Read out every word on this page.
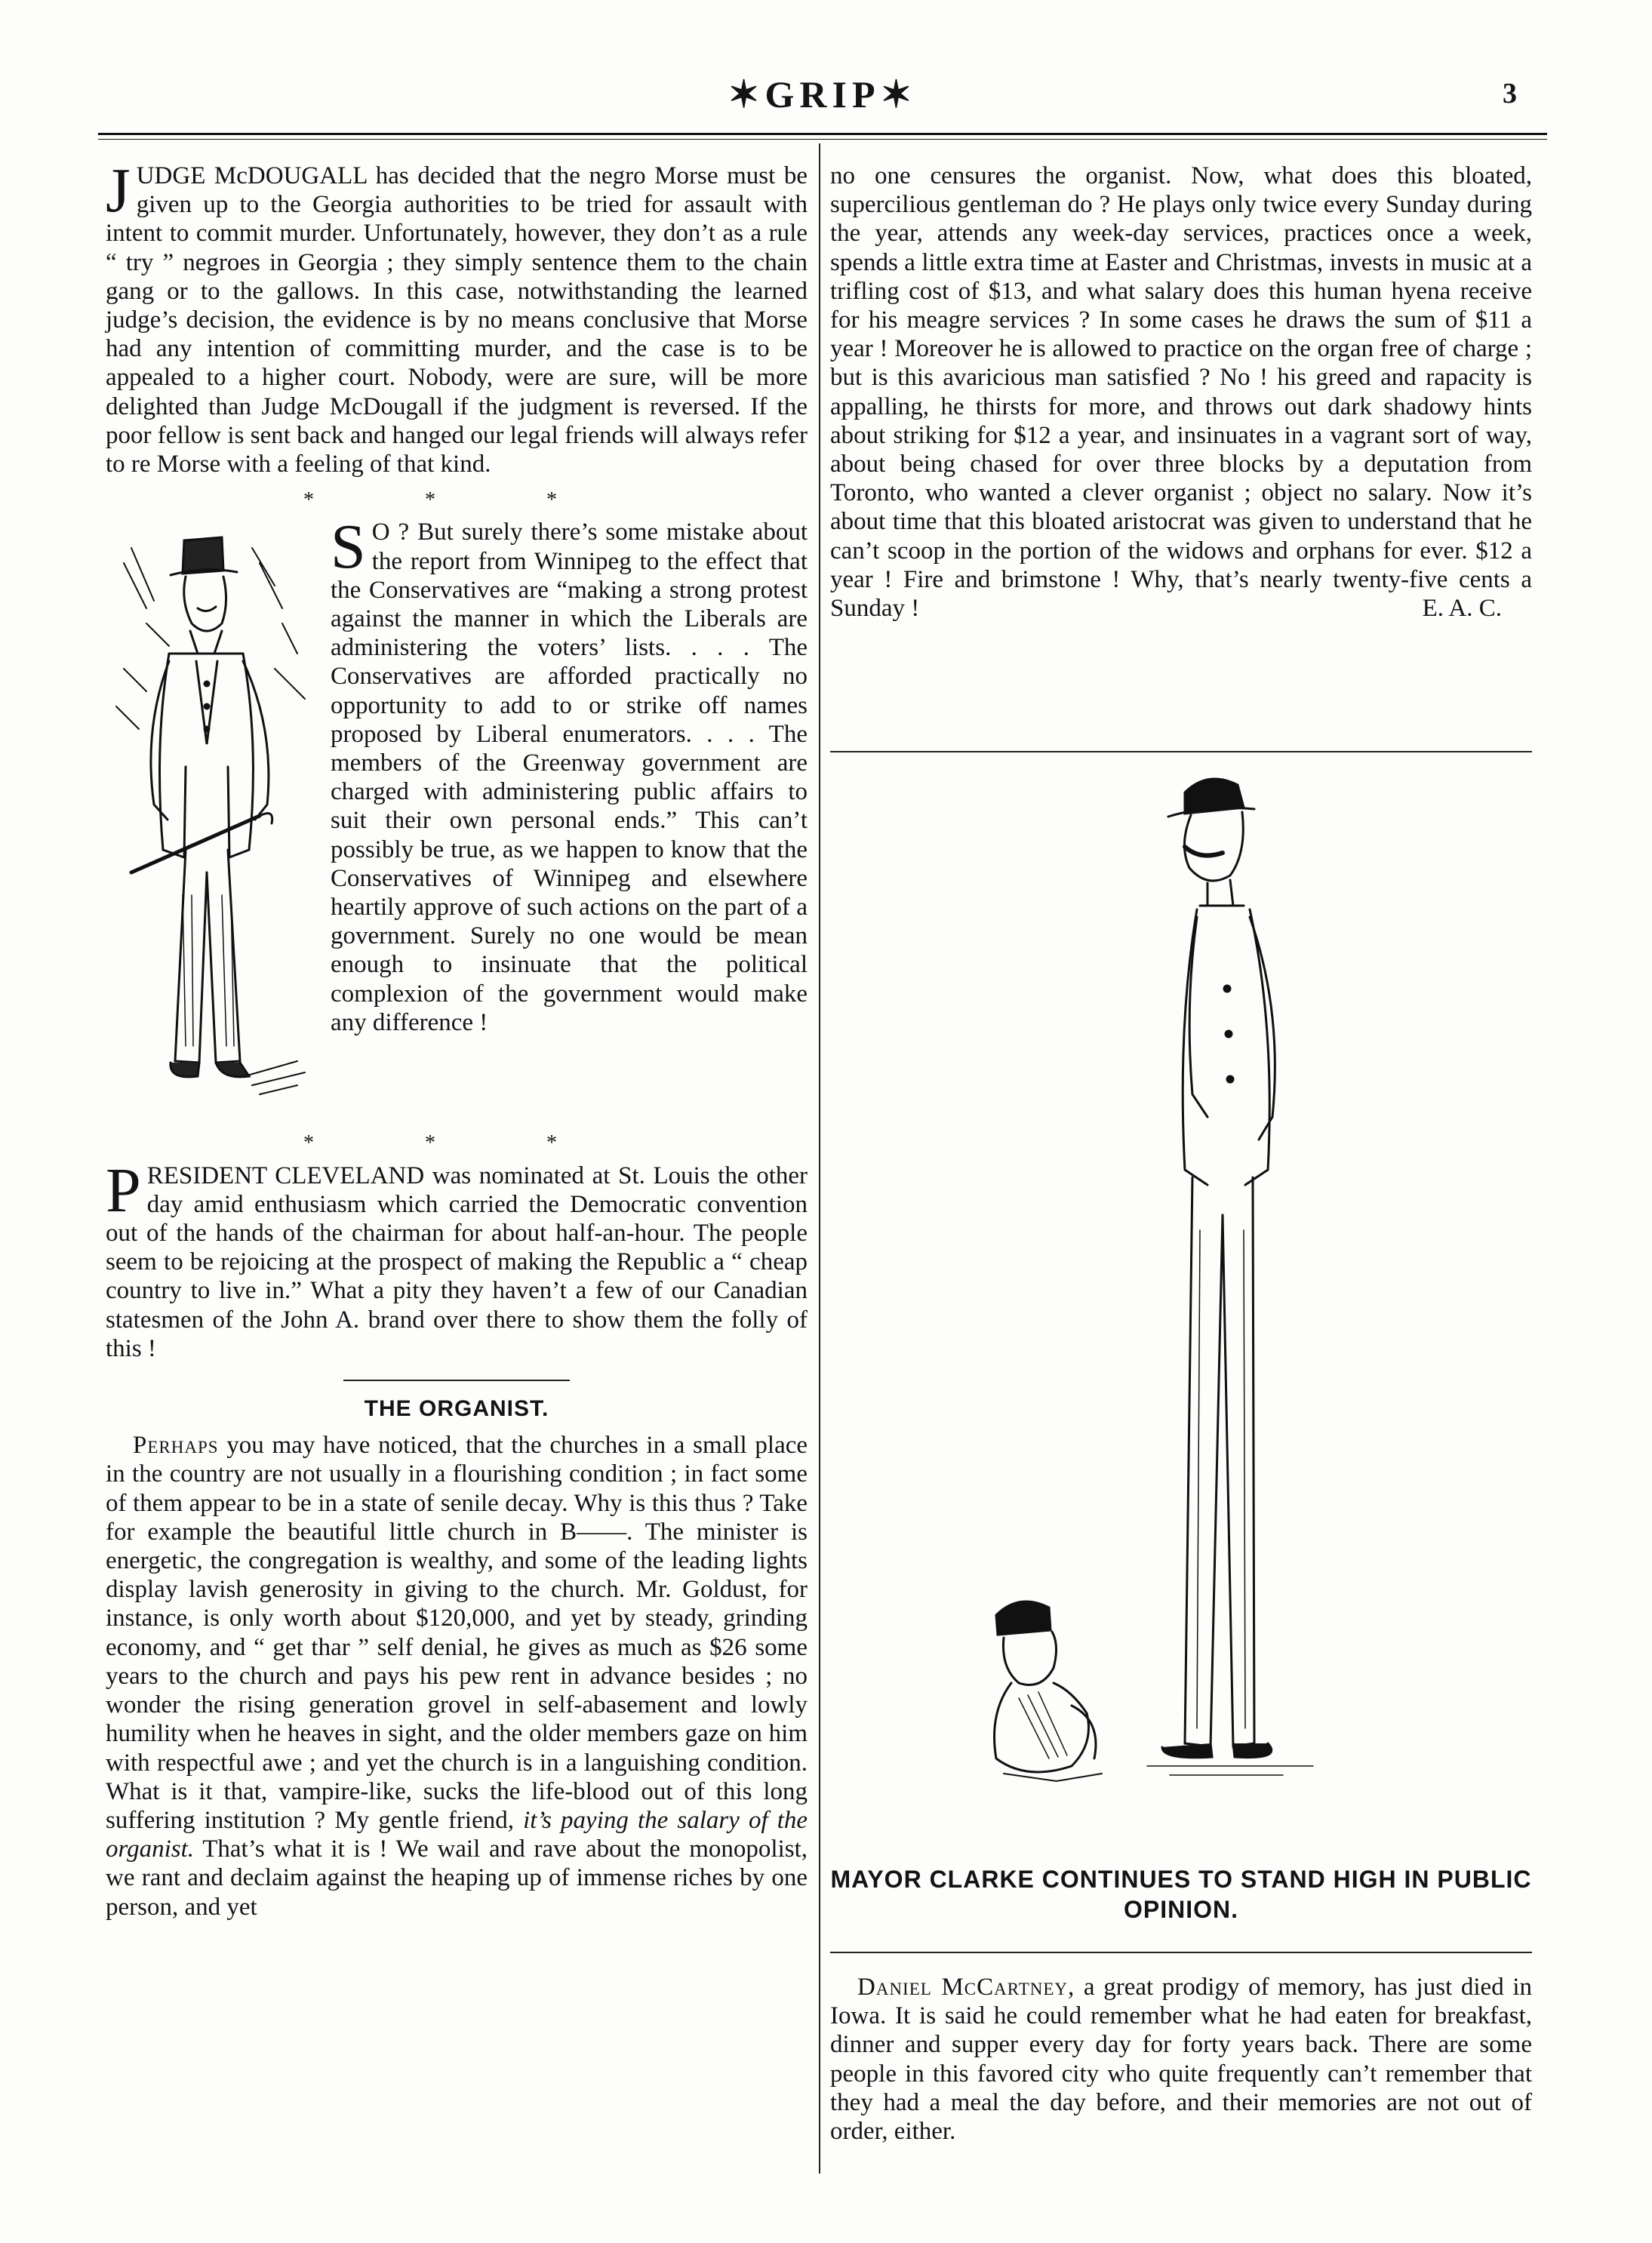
✶GRIP✶	3

JUDGE McDOUGALL has decided that the negro Morse must be given up to the Georgia authorities to be tried for assault with intent to commit murder. Unfortunately, however, they don’t as a rule “ try ” negroes in Georgia ; they simply sentence them to the chain gang or to the gallows. In this case, notwithstanding the learned judge’s decision, the evidence is by no means conclusive that Morse had any intention of committing murder, and the case is to be appealed to a higher court. Nobody, were are sure, will be more delighted than Judge McDougall if the judgment is reversed. If the poor fellow is sent back and hanged our legal friends will always refer to re Morse with a feeling of that kind.

* * *

S O ? But surely there’s some mistake about the report from Winnipeg to the effect that the Conservatives are “making a strong protest against the manner in which the Liberals are administering the voters’ lists. . . . The Conservatives are afforded practically no opportunity to add to or strike off names proposed by Liberal enumerators. . . . The members of the Greenway government are charged with administering public affairs to suit their own personal ends.” This can’t possibly be true, as we happen to know that the Conservatives of Winnipeg and elsewhere heartily approve of such actions on the part of a government. Surely no one would be mean enough to insinuate that the political complexion of the government would make any difference !

* * *

PRESIDENT CLEVELAND was nominated at St. Louis the other day amid enthusiasm which carried the Democratic convention out of the hands of the chairman for about half-an-hour. The people seem to be rejoicing at the prospect of making the Republic a “ cheap country to live in.” What a pity they haven’t a few of our Canadian statesmen of the John A. brand over there to show them the folly of this !

THE ORGANIST.

Perhaps you may have noticed, that the churches in a small place in the country are not usually in a flourishing condition ; in fact some of them appear to be in a state of senile decay. Why is this thus ? Take for example the beautiful little church in B——. The minister is energetic, the congregation is wealthy, and some of the leading lights display lavish generosity in giving to the church. Mr. Goldust, for instance, is only worth about $120,000, and yet by steady, grinding economy, and “ get thar ” self denial, he gives as much as $26 some years to the church and pays his pew rent in advance besides ; no wonder the rising generation grovel in self-abasement and lowly humility when he heaves in sight, and the older members gaze on him with respectful awe ; and yet the church is in a languishing condition. What is it that, vampire-like, sucks the life-blood out of this long suffering institution ? My gentle friend, it’s paying the salary of the organist. That’s what it is ! We wail and rave about the monopolist, we rant and declaim against the heaping up of immense riches by one person, and yet

no one censures the organist. Now, what does this bloated, supercilious gentleman do ? He plays only twice every Sunday during the year, attends any week-day services, practices once a week, spends a little extra time at Easter and Christmas, invests in music at a trifling cost of $13, and what salary does this human hyena receive for his meagre services ? In some cases he draws the sum of $11 a year ! Moreover he is allowed to practice on the organ free of charge ; but is this avaricious man satisfied ? No ! his greed and rapacity is appalling, he thirsts for more, and throws out dark shadowy hints about striking for $12 a year, and insinuates in a vagrant sort of way, about being chased for over three blocks by a deputation from Toronto, who wanted a clever organist ; object no salary. Now it’s about time that this bloated aristocrat was given to understand that he can’t scoop in the portion of the widows and orphans for ever. $12 a year ! Fire and brimstone ! Why, that’s nearly twenty-five cents a Sunday !	E. A. C.

MAYOR CLARKE CONTINUES TO STAND HIGH IN PUBLIC OPINION.

Daniel McCartney, a great prodigy of memory, has just died in Iowa. It is said he could remember what he had eaten for breakfast, dinner and supper every day for forty years back. There are some people in this favored city who quite frequently can’t remember that they had a meal the day before, and their memories are not out of order, either.
